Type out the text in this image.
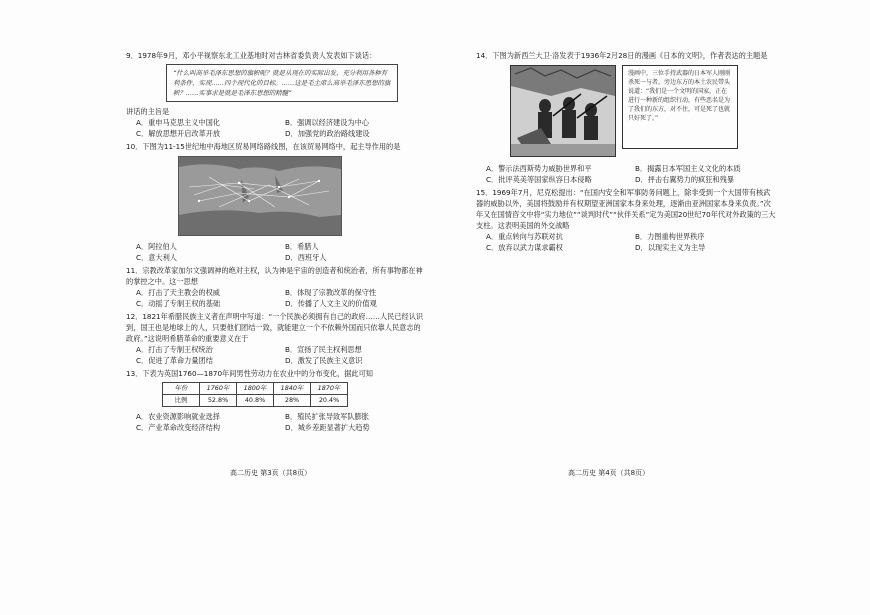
9．1978年9月，邓小平视察东北工业基地时对吉林省委负责人发表如下谈话：
“什么叫高举毛泽东思想的旗帜呢？就是从现在的实际出发，充分利用各种有利条件，实现……四个现代化的目标。……这是毛主席么高举毛泽东思想的旗帜？……实事求是就是毛泽东思想的精髓”
讲话的主旨是
A．重申马克思主义中国化	B．强调以经济建设为中心
C．解放思想开启改革开放	D．加强党的政治路线建设
10．下图为11-15世纪地中海地区贸易网络路线图，在该贸易网络中，起主导作用的是
A．阿拉伯人	B．希腊人
C．意大利人	D．西班牙人
11．宗教改革家加尔文强调神的绝对主权，认为神是宇宙的创造者和统治者，所有事物都在神的掌控之中。这一思想
A．打击了天主教会的权威	B．体现了宗教改革的保守性
C．动摇了专制王权的基础	D．传播了人文主义的价值观
12．1821年希腊民族主义者在声明中写道：“一个民族必须拥有自己的政府……人民已经认识到，国王也是地球上的人，只要他们团结一致，就能建立一个不依赖外国而只依靠人民意志的政府。”这说明希腊革命的重要意义在于
A．打击了专制王权统治	B．宣扬了民主权利思想
C．促进了革命力量团结	D．激发了民族主义意识
13．下表为英国1760—1870年间男性劳动力在农业中的分布变化，据此可知
年份	1760年	1800年	1840年	1870年
比例	52.8%	40.8%	28%	20.4%
A．农业资源影响就业选择	B．殖民扩张导致军队膨胀
C．产业革命改变经济结构	D．城乡差距显著扩大趋势
高二历史 第3页（共8页）
14．下图为新西兰大卫·洛发表于1936年2月28日的漫画《日本的文明》，作者表达的主题是
漫画中，三位手持武器的日本军人刚刚杀死一与者，旁边东方的本土农民带头说道：“我们是一个文明的国家，正在进行一种新的组织行动，有些恶名是为了我们的东方，对不住，可是死了也就只好死了。”
A．警示法西斯势力威胁世界和平	B．揭露日本军国主义文化的本质
C．批评英美等国家纵容日本侵略	D．抨击右翼势力的疯狂和残暴
15．1969年7月，尼克松提出：“在国内安全和军事防务问题上，除非受到一个大国带有核武器的威胁以外，美国将鼓励并有权期望亚洲国家本身来处理，逐渐由亚洲国家本身来负责。”次年又在国情咨文中将“实力地位”“谈判时代”“伙伴关系”定为美国20世纪70年代对外政策的三大支柱。这表明美国的外交战略
A．重点转向与苏联对抗	B．力图重构世界秩序
C．放弃以武力谋求霸权	D．以现实主义为主导
高二历史 第4页（共8页）
